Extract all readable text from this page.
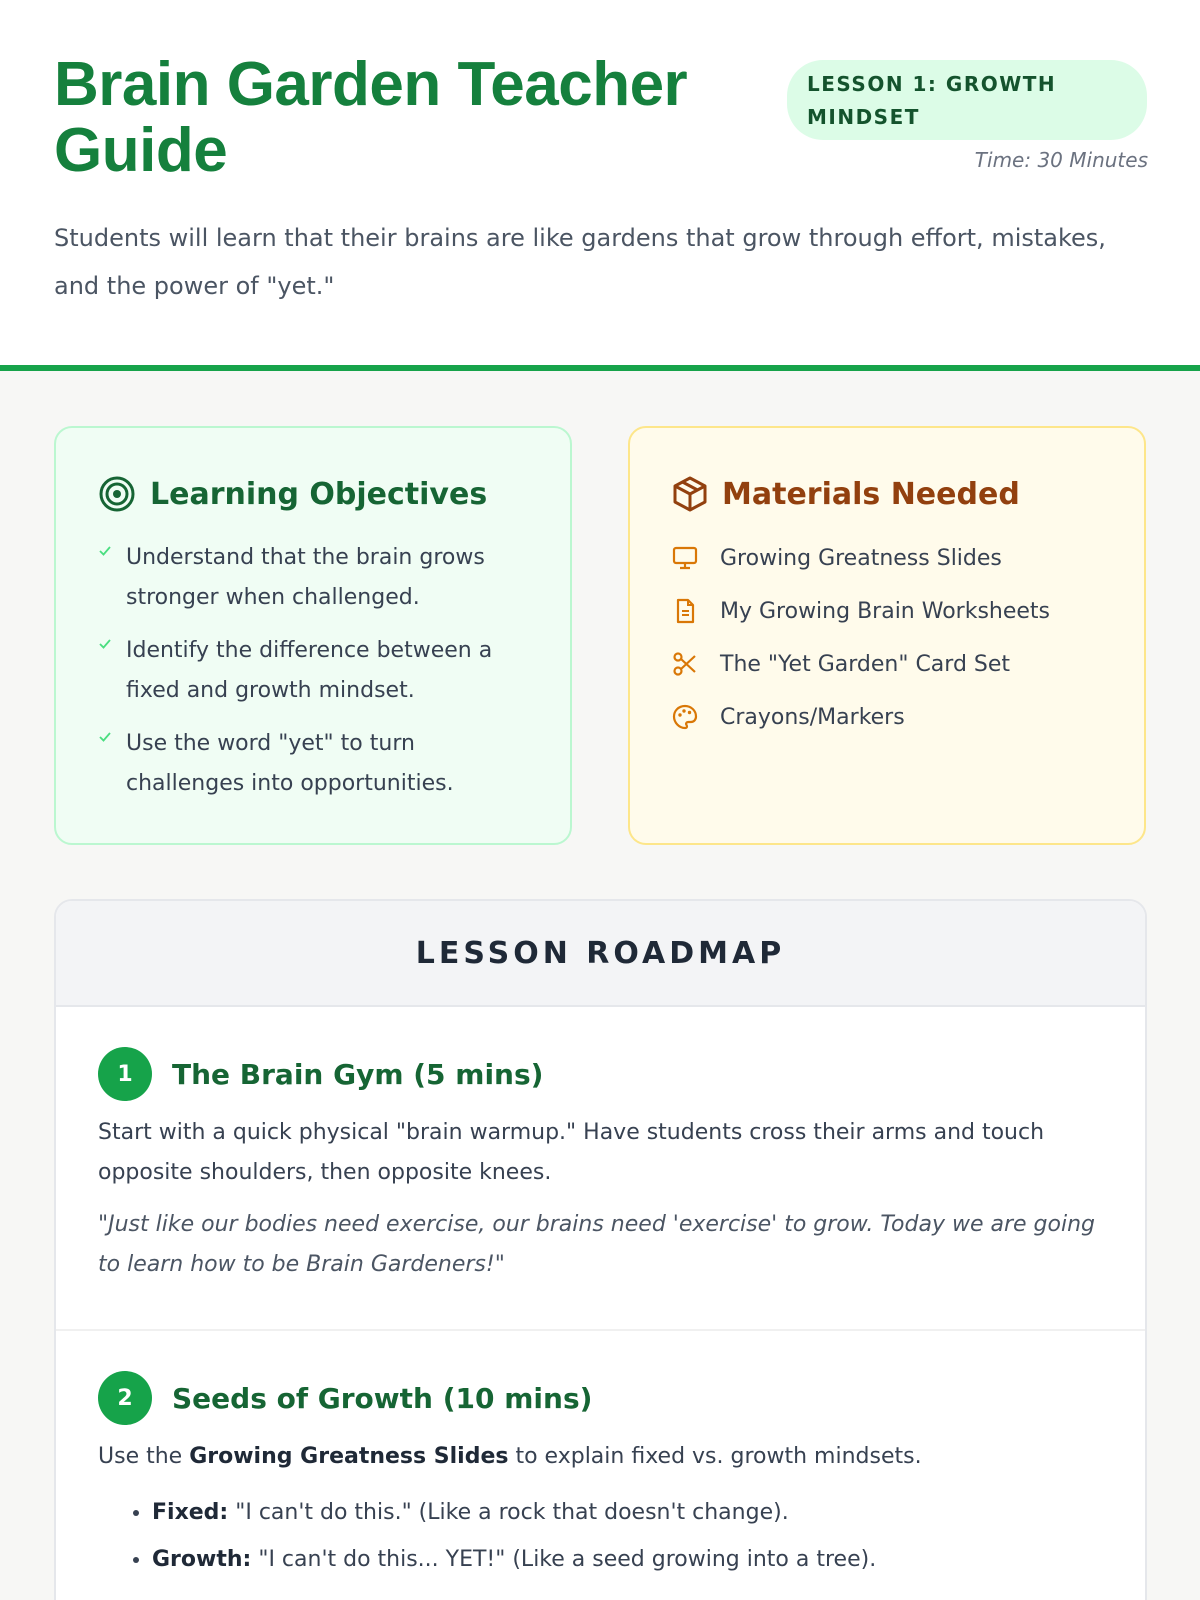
Brain Garden Teacher Guide
LESSON 1: GROWTH MINDSET
Time: 30 Minutes

Students will learn that their brains are like gardens that grow through effort, mistakes, and the power of "yet."

Learning Objectives
Understand that the brain grows stronger when challenged.
Identify the difference between a fixed and growth mindset.
Use the word "yet" to turn challenges into opportunities.
Materials Needed
Growing Greatness Slides
My Growing Brain Worksheets
The "Yet Garden" Card Set
Crayons/Markers
LESSON ROADMAP
1	The Brain Gym (5 mins)

Start with a quick physical "brain warmup." Have students cross their arms and touch opposite shoulders, then opposite knees.

"Just like our bodies need exercise, our brains need 'exercise' to grow. Today we are going to learn how to be Brain Gardeners!"

2	Seeds of Growth (10 mins)

Use the Growing Greatness Slides to explain fixed vs. growth mindsets.

• Fixed: "I can't do this." (Like a rock that doesn't change).
• Growth: "I can't do this... YET!" (Like a seed growing into a tree).
